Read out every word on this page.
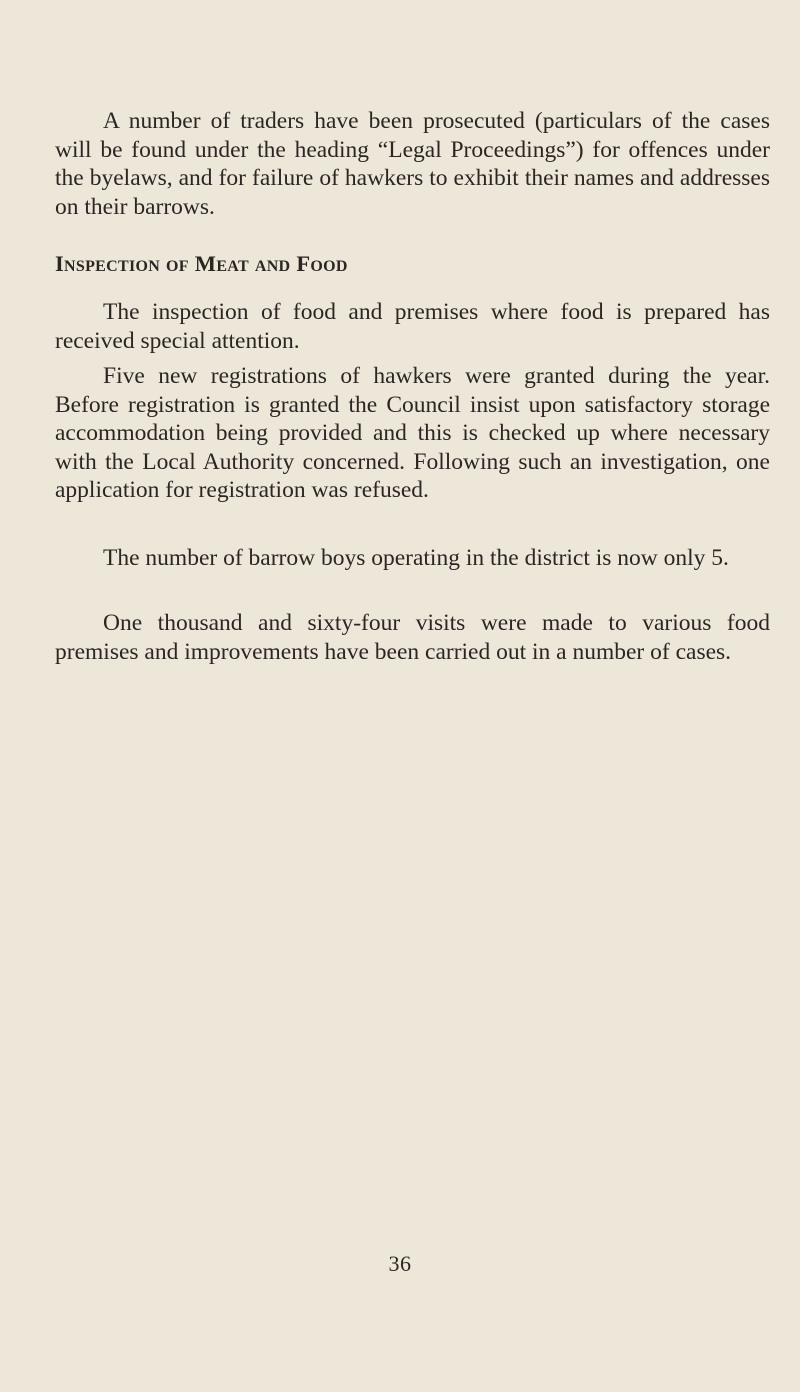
A number of traders have been prosecuted (particulars of the cases will be found under the heading “Legal Proceedings”) for offences under the byelaws, and for failure of hawkers to exhibit their names and addresses on their barrows.

Inspection of Meat and Food

The inspection of food and premises where food is prepared has received special attention.

Five new registrations of hawkers were granted during the year. Before registration is granted the Council insist upon satisfactory storage accommodation being provided and this is checked up where necessary with the Local Authority concerned. Following such an investigation, one application for registration was refused.

The number of barrow boys operating in the district is now only 5.

One thousand and sixty-four visits were made to various food premises and improvements have been carried out in a number of cases.

36
